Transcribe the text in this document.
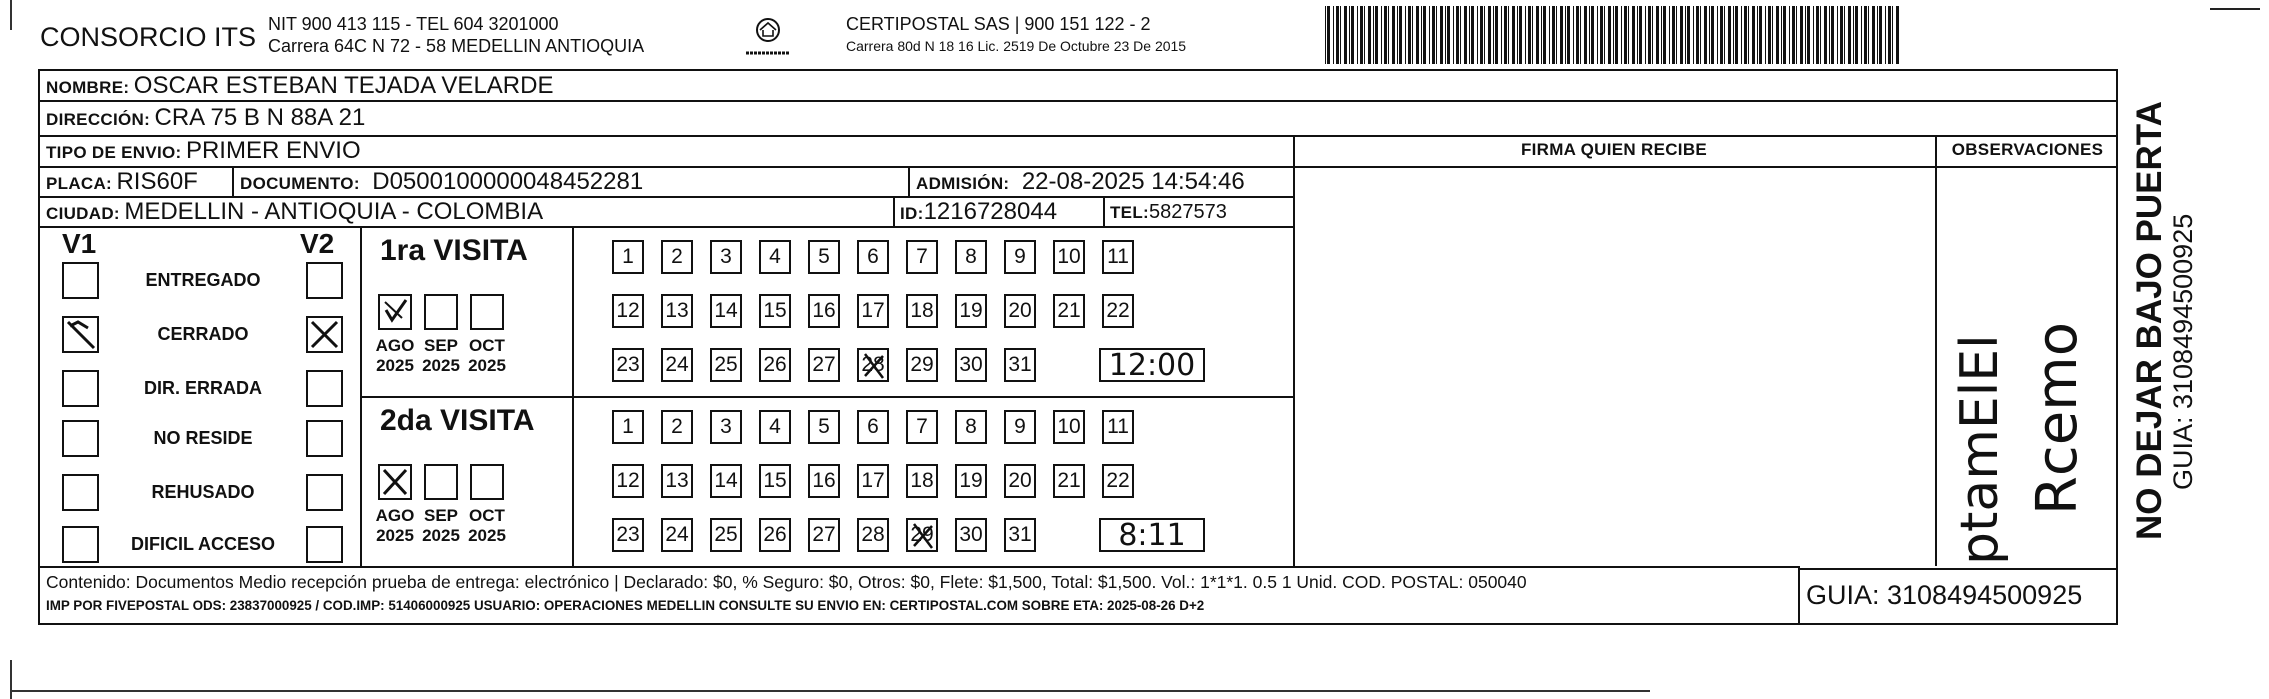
CONSORCIO ITS NIT 900 413 115 - TEL 604 3201000
Carrera 64C N 72 - 58 MEDELLIN ANTIOQUIA
CERTIPOSTAL SAS | 900 151 122 - 2
Carrera 80d N 18 16 Lic. 2519 De Octubre 23 De 2015
NOMBRE: OSCAR ESTEBAN TEJADA VELARDE
DIRECCIÓN: CRA 75 B N 88A 21
TIPO DE ENVIO: PRIMER ENVIO
PLACA: RIS60F DOCUMENTO: D0500100000048452281	ADMISIÓN: 22-08-2025 14:54:46
CIUDAD: MEDELLIN - ANTIOQUIA - COLOMBIA	ID:1216728044	TEL:5827573
FIRMA QUIEN RECIBE	OBSERVACIONES
ptamElEl Rcemo
V1	V2
ENTREGADO
CERRADO
DIR. ERRADA
NO RESIDE
REHUSADO
DIFICIL ACCESO
1ra VISITA
AGO
2025
SEP
2025
OCT
2025
1 2 3 4 5 6 7 8 9 10 11
12 13 14 15 16 17 18 19 20 21 22
23 24 25 26 27 28 29 30 31	12:00
2da VISITA
AGO
2025
SEP
2025
OCT
2025
1 2 3 4 5 6 7 8 9 10 11
12 13 14 15 16 17 18 19 20 21 22
23 24 25 26 27 28 29 30 31	8:11
Contenido: Documentos Medio recepción prueba de entrega: electrónico | Declarado: $0, % Seguro: $0, Otros: $0, Flete: $1,500, Total: $1,500. Vol.: 1*1*1. 0.5 1 Unid. COD. POSTAL: 050040
IMP POR FIVEPOSTAL ODS: 23837000925 / COD.IMP: 51406000925 USUARIO: OPERACIONES MEDELLIN CONSULTE SU ENVIO EN: CERTIPOSTAL.COM SOBRE ETA: 2025-08-26 D+2	GUIA: 3108494500925
NO DEJAR BAJO PUERTA GUIA: 3108494500925
